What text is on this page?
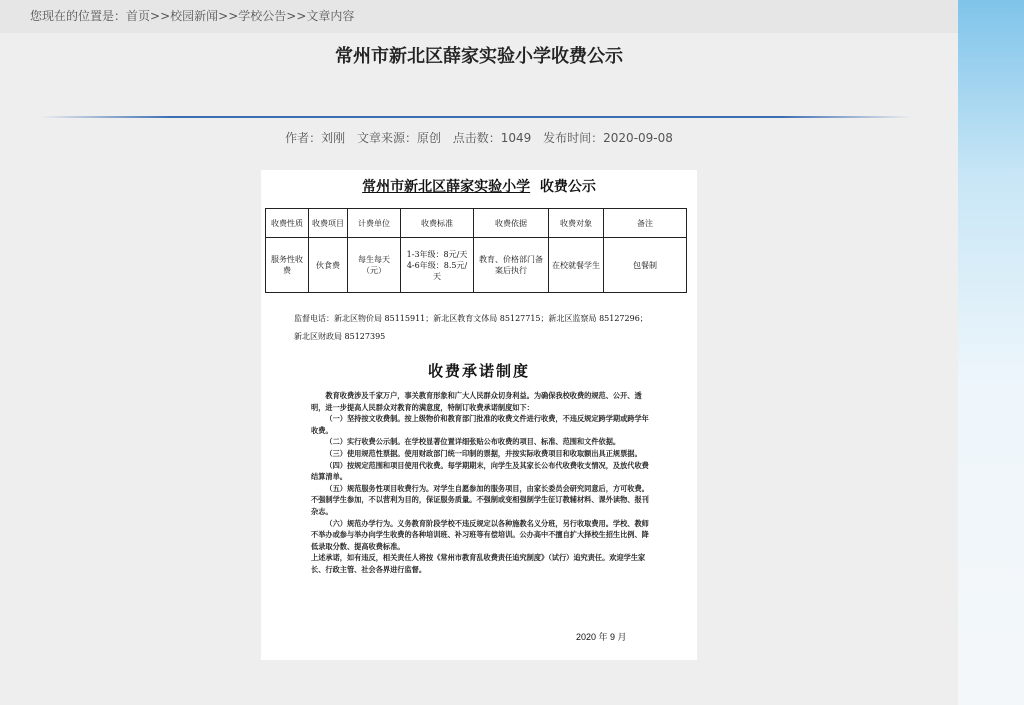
您现在的位置是：首页>>校园新闻>>学校公告>>文章内容
常州市新北区薛家实验小学收费公示
作者：刘刚 文章来源：原创 点击数：1049 发布时间：2020-09-08
常州市新北区薛家实验小学 收费公示
收费性质	收费项目	计费单位	收费标准	收费依据	收费对象	备注
服务性收费	伙食费	每生每天（元）	1-3年级：8元/天 4-6年级：8.5元/天	教育、价格部门备案后执行	在校就餐学生	包餐制
监督电话：新北区物价局 85115911；新北区教育文体局 85127715；新北区监察局 85127296；
新北区财政局 85127395
收费承诺制度

教育收费涉及千家万户，事关教育形象和广大人民群众切身利益。为确保我校收费的规范、公开、透明，进一步提高人民群众对教育的满意度，特制订收费承诺制度如下：

（一）坚持按文收费制。按上级物价和教育部门批准的收费文件进行收费，不违反规定跨学期或跨学年收费。

（二）实行收费公示制。在学校显著位置详细张贴公布收费的项目、标准、范围和文件依据。

（三）使用规范性票据。使用财政部门统一印制的票据，并按实际收费项目和收取额出具正规票据。

（四）按规定范围和项目使用代收费。每学期期末，向学生及其家长公布代收费收支情况，及放代收费结算清单。

（五）规范服务性项目收费行为。对学生自愿参加的服务项目，由家长委员会研究同意后，方可收费。不强制学生参加，不以营利为目的，保证服务质量。不强制或变相强制学生征订教辅材料、课外读物、报刊杂志。

（六）规范办学行为。义务教育阶段学校不违反规定以各种施教名义分班，另行收取费用。学校、教师不举办或参与举办向学生收费的各种培训班、补习班等有偿培训。公办高中不擅自扩大择校生招生比例、降低录取分数、提高收费标准。

上述承诺，如有违反，相关责任人将按《常州市教育乱收费责任追究制度》（试行）追究责任。欢迎学生家长、行政主管、社会各界进行监督。

2020 年 9 月
